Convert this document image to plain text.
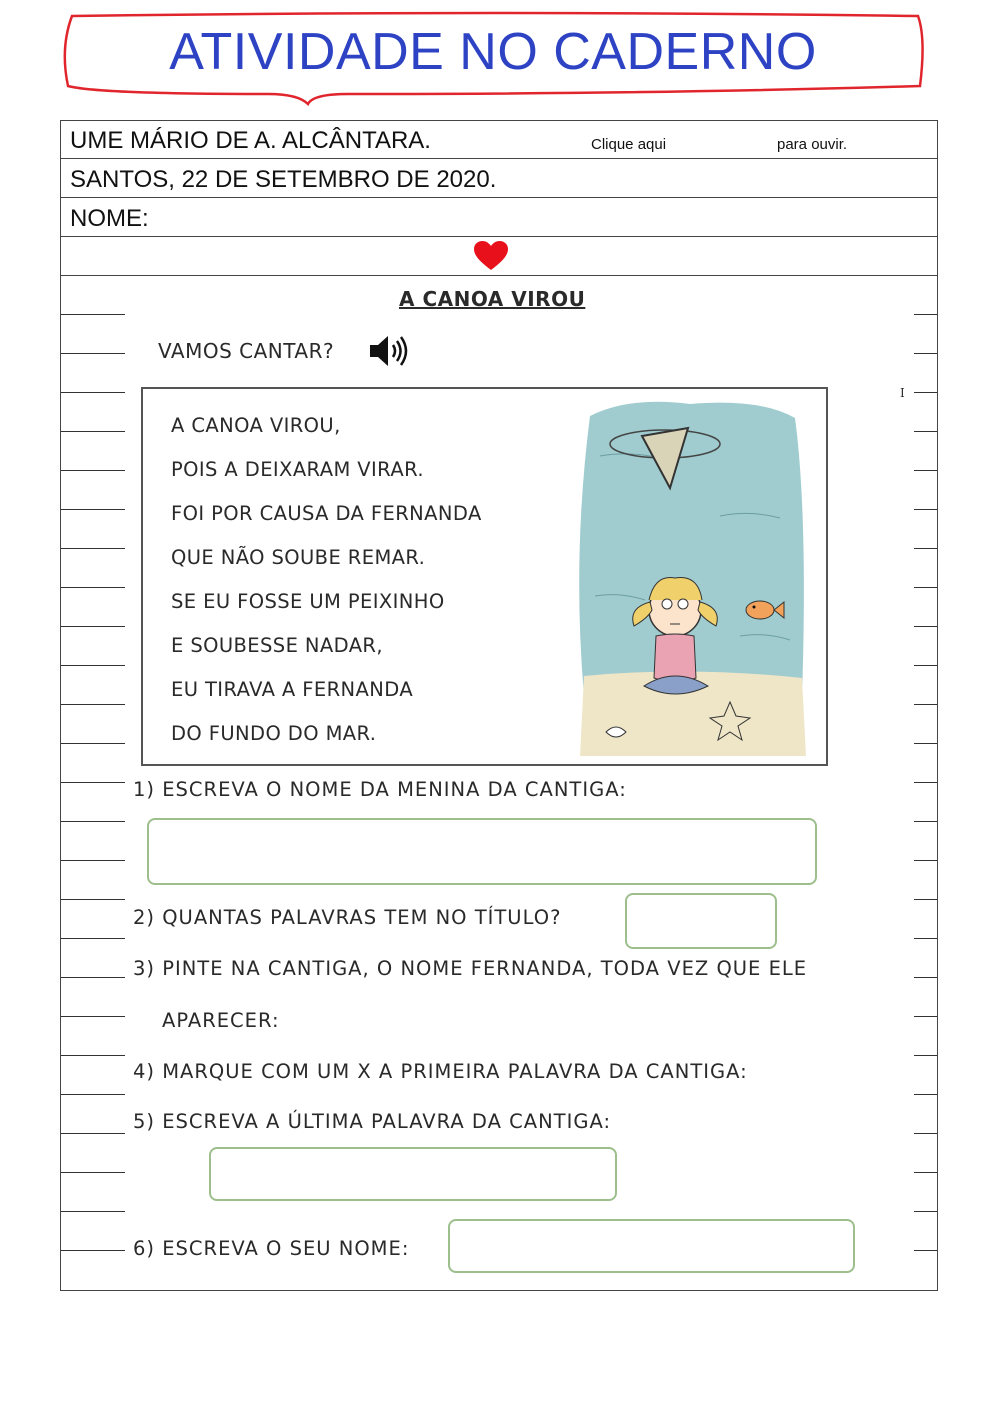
ATIVIDADE NO CADERNO
UME MÁRIO DE A. ALCÂNTARA.	Clique aqui	para ouvir.
SANTOS, 22 DE SETEMBRO DE 2020.
NOME:
A CANOA VIROU
VAMOS CANTAR?
I
A CANOA VIROU,
POIS A DEIXARAM VIRAR.
FOI POR CAUSA DA FERNANDA
QUE NÃO SOUBE REMAR.
SE EU FOSSE UM PEIXINHO
E SOUBESSE NADAR,
EU TIRAVA A FERNANDA
DO FUNDO DO MAR.
1) ESCREVA O NOME DA MENINA DA CANTIGA:
2) QUANTAS PALAVRAS TEM NO TÍTULO?
3) PINTE NA CANTIGA, O NOME FERNANDA, TODA VEZ QUE ELE
APARECER:
4) MARQUE COM UM X A PRIMEIRA PALAVRA DA CANTIGA:
5) ESCREVA A ÚLTIMA PALAVRA DA CANTIGA:
6) ESCREVA O SEU NOME:
